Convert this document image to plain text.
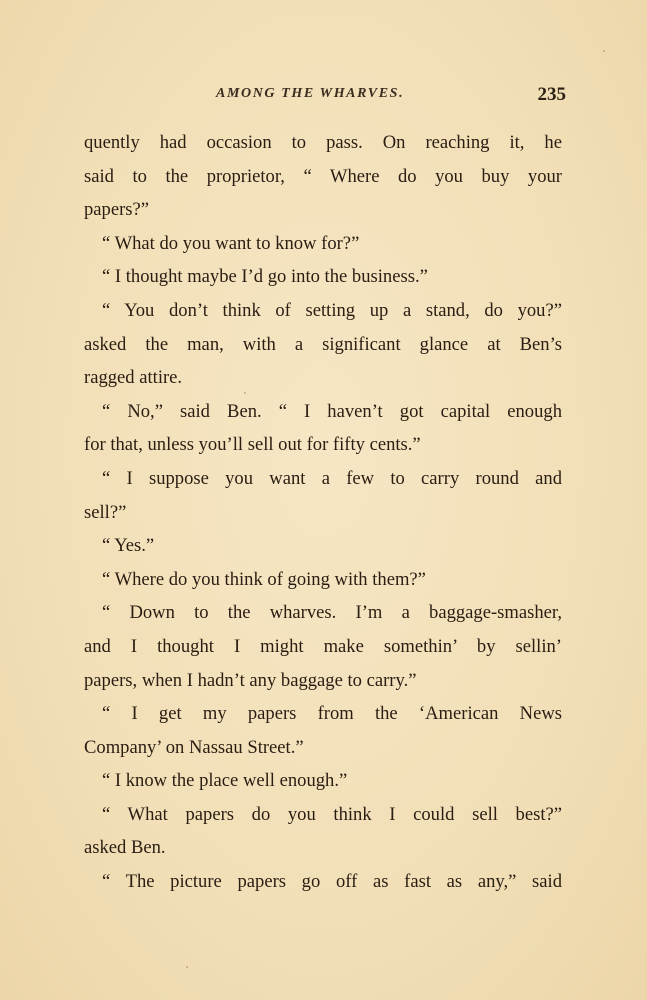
AMONG THE WHARVES.	235
quently had occasion to pass. On reaching it, he
said to the proprietor, “ Where do you buy your
papers?”
“ What do you want to know for?”
“ I thought maybe I’d go into the business.”
“ You don’t think of setting up a stand, do you?”
asked the man, with a significant glance at Ben’s
ragged attire.
“ No,” said Ben. “ I haven’t got capital enough
for that, unless you’ll sell out for fifty cents.”
“ I suppose you want a few to carry round and
sell?”
“ Yes.”
“ Where do you think of going with them?”
“ Down to the wharves. I’m a baggage-smasher,
and I thought I might make somethin’ by sellin’
papers, when I hadn’t any baggage to carry.”
“ I get my papers from the ‘American News
Company’ on Nassau Street.”
“ I know the place well enough.”
“ What papers do you think I could sell best?”
asked Ben.
“ The picture papers go off as fast as any,” said
